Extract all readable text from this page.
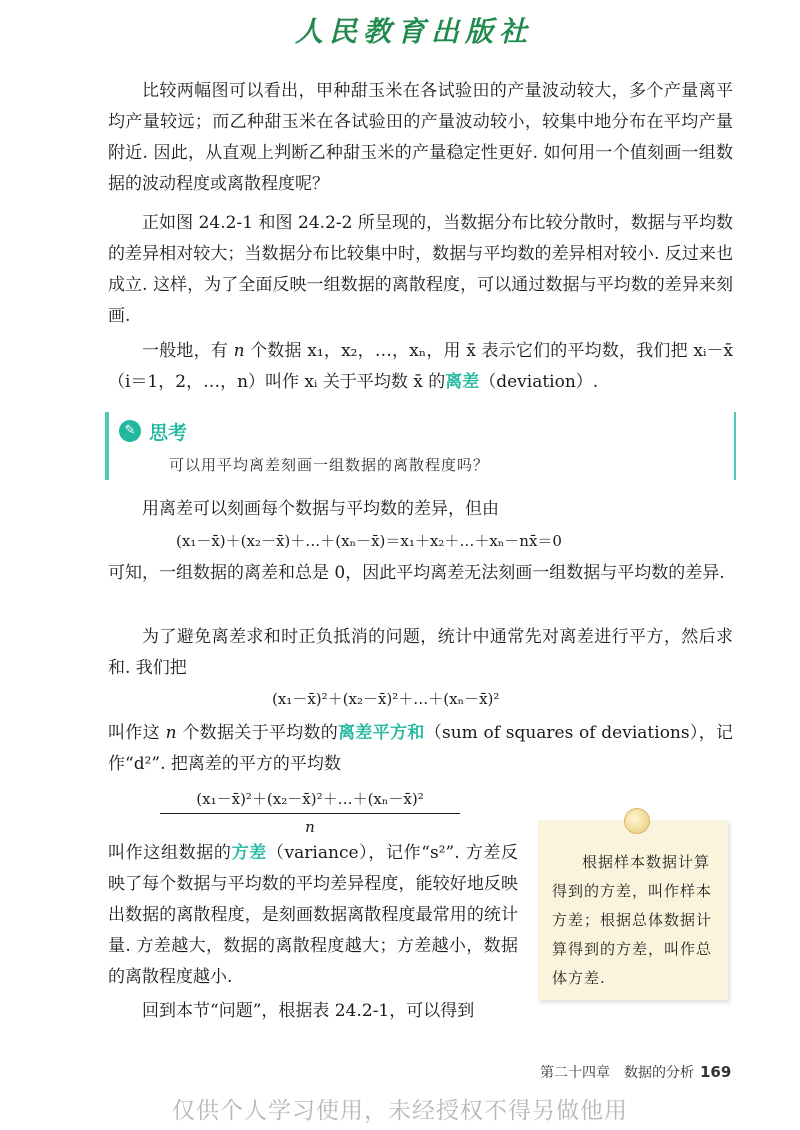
人民教育出版社
比较两幅图可以看出，甲种甜玉米在各试验田的产量波动较大，多个产量离平均产量较远；而乙种甜玉米在各试验田的产量波动较小，较集中地分布在平均产量附近. 因此，从直观上判断乙种甜玉米的产量稳定性更好. 如何用一个值刻画一组数据的波动程度或离散程度呢？
正如图 24.2-1 和图 24.2-2 所呈现的，当数据分布比较分散时，数据与平均数的差异相对较大；当数据分布比较集中时，数据与平均数的差异相对较小. 反过来也成立. 这样，为了全面反映一组数据的离散程度，可以通过数据与平均数的差异来刻画.
一般地，有 n 个数据 x₁，x₂，…，xₙ，用 x̄ 表示它们的平均数，我们把 xᵢ－x̄（i＝1，2，…，n）叫作 xᵢ 关于平均数 x̄ 的离差（deviation）.
✎ 思考
可以用平均离差刻画一组数据的离散程度吗？
用离差可以刻画每个数据与平均数的差异，但由
(x₁－x̄)＋(x₂－x̄)＋…＋(xₙ－x̄)＝x₁＋x₂＋…＋xₙ－nx̄＝0
可知，一组数据的离差和总是 0，因此平均离差无法刻画一组数据与平均数的差异.
为了避免离差求和时正负抵消的问题，统计中通常先对离差进行平方，然后求和. 我们把
(x₁－x̄)²＋(x₂－x̄)²＋…＋(xₙ－x̄)²
叫作这 n 个数据关于平均数的离差平方和（sum of squares of deviations），记作“d²”. 把离差的平方的平均数
$\frac{\text{(x₁－x̄)²＋(x₂－x̄)²＋…＋(xₙ－x̄)²}}{n}$
叫作这组数据的方差（variance），记作“s²”. 方差反映了每个数据与平均数的平均差异程度，能较好地反映出数据的离散程度，是刻画数据离散程度最常用的统计量. 方差越大，数据的离散程度越大；方差越小，数据的离散程度越小.
回到本节“问题”，根据表 24.2-1，可以得到
根据样本数据计算得到的方差，叫作样本方差；根据总体数据计算得到的方差，叫作总体方差.
第二十四章　数据的分析 169
仅供个人学习使用，未经授权不得另做他用
